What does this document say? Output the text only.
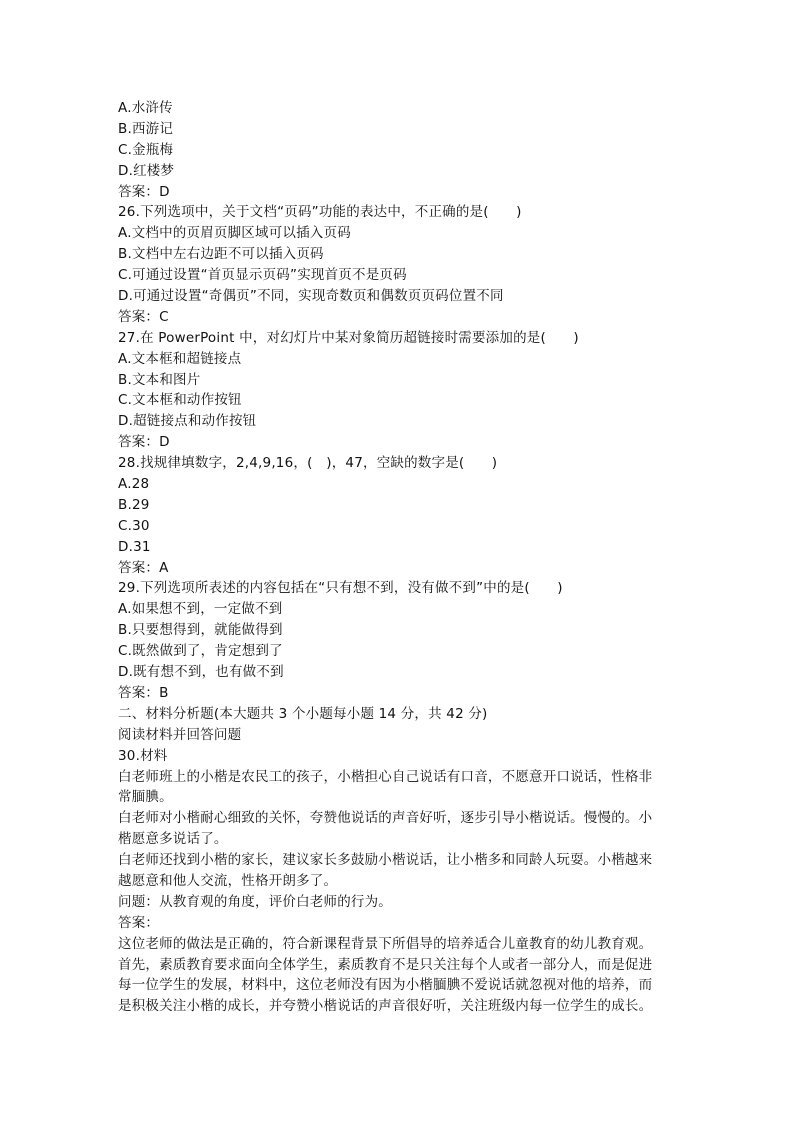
A.水浒传
B.西游记
C.金瓶梅
D.红楼梦
答案：D
26.下列选项中，关于文档“页码”功能的表达中，不正确的是(　　)
A.文档中的页眉页脚区域可以插入页码
B.文档中左右边距不可以插入页码
C.可通过设置“首页显示页码”实现首页不是页码
D.可通过设置“奇偶页”不同，实现奇数页和偶数页页码位置不同
答案：C
27.在 PowerPoint 中，对幻灯片中某对象简历超链接时需要添加的是(　　)
A.文本框和超链接点
B.文本和图片
C.文本框和动作按钮
D.超链接点和动作按钮
答案：D
28.找规律填数字，2,4,9,16，(　)，47，空缺的数字是(　　)
A.28
B.29
C.30
D.31
答案：A
29.下列选项所表述的内容包括在“只有想不到，没有做不到”中的是(　　)
A.如果想不到，一定做不到
B.只要想得到，就能做得到
C.既然做到了，肯定想到了
D.既有想不到，也有做不到
答案：B
二、材料分析题(本大题共 3 个小题每小题 14 分，共 42 分)
阅读材料并回答问题
30.材料
白老师班上的小楷是农民工的孩子，小楷担心自己说话有口音，不愿意开口说话，性格非
常腼腆。
白老师对小楷耐心细致的关怀，夸赞他说话的声音好听，逐步引导小楷说话。慢慢的。小
楷愿意多说话了。
白老师还找到小楷的家长，建议家长多鼓励小楷说话，让小楷多和同龄人玩耍。小楷越来
越愿意和他人交流，性格开朗多了。
问题：从教育观的角度，评价白老师的行为。
答案：
这位老师的做法是正确的，符合新课程背景下所倡导的培养适合儿童教育的幼儿教育观。
首先，素质教育要求面向全体学生，素质教育不是只关注每个人或者一部分人，而是促进
每一位学生的发展，材料中，这位老师没有因为小楷腼腆不爱说话就忽视对他的培养，而
是积极关注小楷的成长，并夸赞小楷说话的声音很好听，关注班级内每一位学生的成长。
